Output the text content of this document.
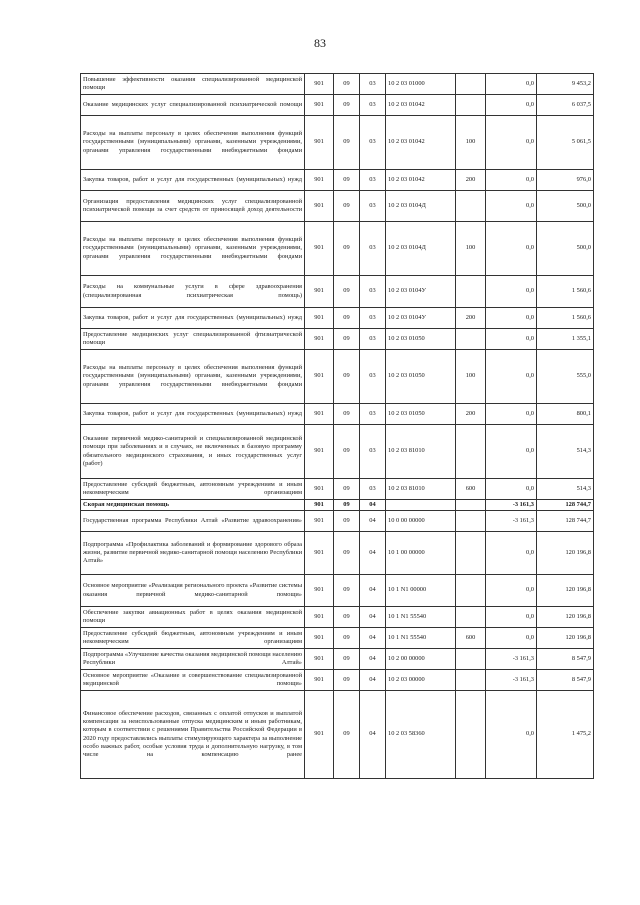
83
Повышение эффективности оказания специализированной медицинской помощи	901	09	03	10 2 03 01000		0,0	9 453,2
Оказание медицинских услуг специализированной психиатрической помощи	901	09	03	10 2 03 01042		0,0	6 037,5
Расходы на выплаты персоналу в целях обеспечения выполнения функций государственными (муниципальными) органами, казенными учреждениями, органами управления государственными внебюджетными фондами	901	09	03	10 2 03 01042	100	0,0	5 061,5
Закупка товаров, работ и услуг для государственных (муниципальных) нужд	901	09	03	10 2 03 01042	200	0,0	976,0
Организация предоставления медицинских услуг специализированной психиатрической помощи за счет средств от приносящей доход деятельности	901	09	03	10 2 03 0104Д		0,0	500,0
Расходы на выплаты персоналу в целях обеспечения выполнения функций государственными (муниципальными) органами, казенными учреждениями, органами управления государственными внебюджетными фондами	901	09	03	10 2 03 0104Д	100	0,0	500,0
Расходы на коммунальные услуги в сфере здравоохранения (специализированная психиатрическая помощь)	901	09	03	10 2 03 0104У		0,0	1 560,6
Закупка товаров, работ и услуг для государственных (муниципальных) нужд	901	09	03	10 2 03 0104У	200	0,0	1 560,6
Предоставление медицинских услуг специализированной фтизиатрической помощи	901	09	03	10 2 03 01050		0,0	1 355,1
Расходы на выплаты персоналу в целях обеспечения выполнения функций государственными (муниципальными) органами, казенными учреждениями, органами управления государственными внебюджетными фондами	901	09	03	10 2 03 01050	100	0,0	555,0
Закупка товаров, работ и услуг для государственных (муниципальных) нужд	901	09	03	10 2 03 01050	200	0,0	800,1
Оказание первичной медико-санитарной и специализированной медицинской помощи при заболеваниях и в случаях, не включенных в базовую программу обязательного медицинского страхования, и иных государственных услуг (работ)	901	09	03	10 2 03 81010		0,0	514,3
Предоставление субсидий бюджетным, автономным учреждениям и иным некоммерческим организациям	901	09	03	10 2 03 81010	600	0,0	514,3
Скорая медицинская помощь	901	09	04			-3 161,3	128 744,7
Государственная программа Республики Алтай «Развитие здравоохранения»	901	09	04	10 0 00 00000		-3 161,3	128 744,7
Подпрограмма «Профилактика заболеваний и формирование здорового образа жизни, развитие первичной медико-санитарной помощи населению Республики Алтай»	901	09	04	10 1 00 00000		0,0	120 196,8
Основное мероприятие «Реализация регионального проекта «Развитие системы оказания первичной медико-санитарной помощи»	901	09	04	10 1 N1 00000		0,0	120 196,8
Обеспечение закупки авиационных работ в целях оказания медицинской помощи	901	09	04	10 1 N1 55540		0,0	120 196,8
Предоставление субсидий бюджетным, автономным учреждениям и иным некоммерческим организациям	901	09	04	10 1 N1 55540	600	0,0	120 196,8
Подпрограмма «Улучшение качества оказания медицинской помощи населению Республики Алтай»	901	09	04	10 2 00 00000		-3 161,3	8 547,9
Основное мероприятие «Оказание и совершенствование специализированной медицинской помощи»	901	09	04	10 2 03 00000		-3 161,3	8 547,9
Финансовое обеспечение расходов, связанных с оплатой отпусков и выплатой компенсации за неиспользованные отпуска медицинским и иным работникам, которым в соответствии с решениями Правительства Российской Федерации в 2020 году предоставлялись выплаты стимулирующего характера за выполнение особо важных работ, особые условия труда и дополнительную нагрузку, в том числе на компенсацию ранее	901	09	04	10 2 03 58360		0,0	1 475,2
